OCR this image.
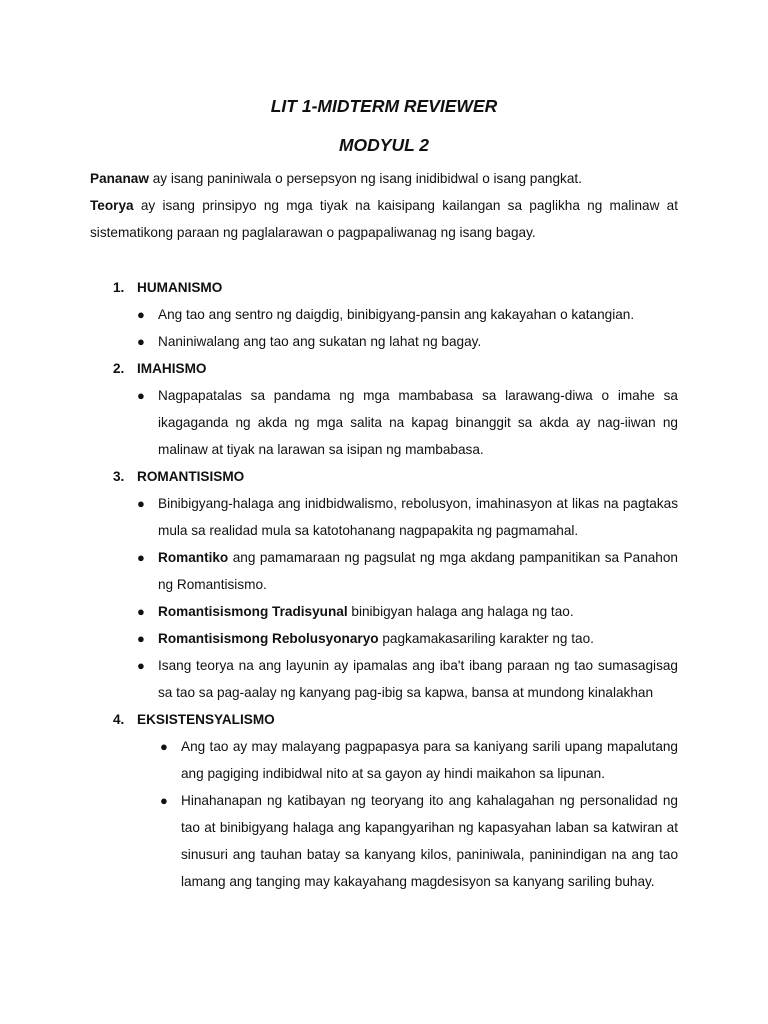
LIT 1-MIDTERM REVIEWER
MODYUL 2

Pananaw ay isang paniniwala o persepsyon ng isang inidibidwal o isang pangkat.

Teorya ay isang prinsipyo ng mga tiyak na kaisipang kailangan sa paglikha ng malinaw at sistematikong paraan ng paglalarawan o pagpapaliwanag ng isang bagay.

1. HUMANISMO
● Ang tao ang sentro ng daigdig, binibigyang-pansin ang kakayahan o katangian.
● Naniniwalang ang tao ang sukatan ng lahat ng bagay.
2. IMAHISMO
● Nagpapatalas sa pandama ng mga mambabasa sa larawang-diwa o imahe sa ikagaganda ng akda ng mga salita na kapag binanggit sa akda ay nag-iiwan ng malinaw at tiyak na larawan sa isipan ng mambabasa.
3. ROMANTISISMO
● Binibigyang-halaga ang inidbidwalismo, rebolusyon, imahinasyon at likas na pagtakas mula sa realidad mula sa katotohanang nagpapakita ng pagmamahal.
● Romantiko ang pamamaraan ng pagsulat ng mga akdang pampanitikan sa Panahon ng Romantisismo.
● Romantisismong Tradisyunal binibigyan halaga ang halaga ng tao.
● Romantisismong Rebolusyonaryo pagkamakasariling karakter ng tao.
● Isang teorya na ang layunin ay ipamalas ang iba't ibang paraan ng tao sumasagisag sa tao sa pag-aalay ng kanyang pag-ibig sa kapwa, bansa at mundong kinalakhan
4. EKSISTENSYALISMO
● Ang tao ay may malayang pagpapasya para sa kaniyang sarili upang mapalutang ang pagiging indibidwal nito at sa gayon ay hindi maikahon sa lipunan.
● Hinahanapan ng katibayan ng teoryang ito ang kahalagahan ng personalidad ng tao at binibigyang halaga ang kapangyarihan ng kapasyahan laban sa katwiran at sinusuri ang tauhan batay sa kanyang kilos, paniniwala, paninindigan na ang tao lamang ang tanging may kakayahang magdesisyon sa kanyang sariling buhay.
